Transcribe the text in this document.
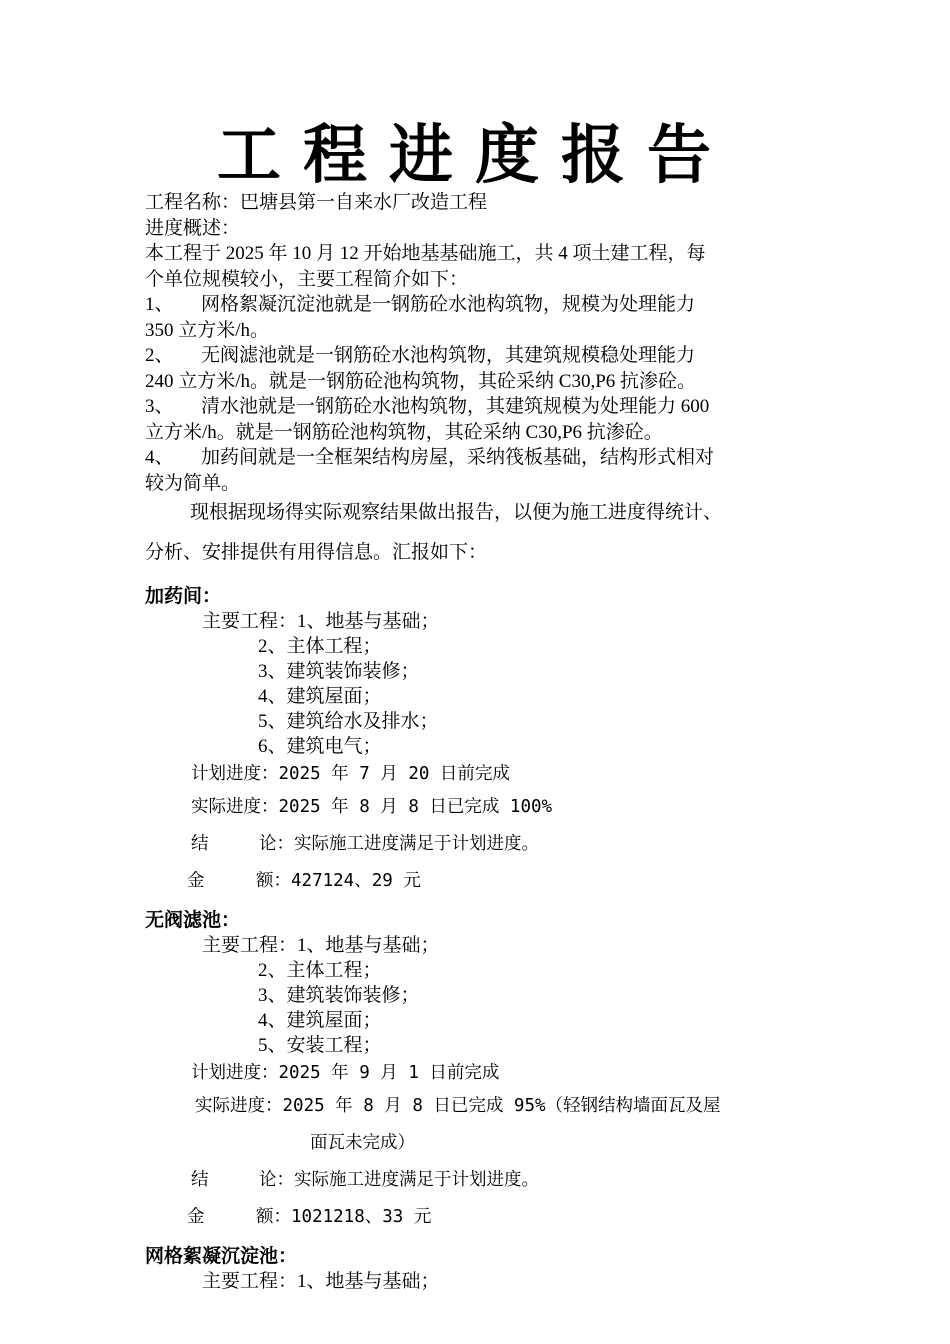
工程进度报告
工程名称：巴塘县第一自来水厂改造工程
进度概述：
本工程于 2025 年 10 月 12 开始地基基础施工，共 4 项土建工程，每
个单位规模较小，主要工程简介如下：
1、 网格絮凝沉淀池就是一钢筋砼水池构筑物，规模为处理能力
350 立方米/h。
2、 无阀滤池就是一钢筋砼水池构筑物，其建筑规模稳处理能力
240 立方米/h。就是一钢筋砼池构筑物，其砼采纳 C30,P6 抗渗砼。
3、 清水池就是一钢筋砼水池构筑物，其建筑规模为处理能力 600
立方米/h。就是一钢筋砼池构筑物，其砼采纳 C30,P6 抗渗砼。
4、 加药间就是一全框架结构房屋，采纳筏板基础，结构形式相对
较为简单。
现根据现场得实际观察结果做出报告，以便为施工进度得统计、
分析、安排提供有用得信息。汇报如下：
加药间：
主要工程：1、地基与基础；
2、主体工程；
3、建筑装饰装修；
4、建筑屋面；
5、建筑给水及排水；
6、建筑电气；
计划进度：2025 年 7 月 20 日前完成
实际进度：2025 年 8 月 8 日已完成 100%
结	论：实际施工进度满足于计划进度。
金	额：427124、29 元
无阀滤池：
主要工程：1、地基与基础；
2、主体工程；
3、建筑装饰装修；
4、建筑屋面；
5、安装工程；
计划进度：2025 年 9 月 1 日前完成
实际进度：2025 年 8 月 8 日已完成 95%（轻钢结构墙面瓦及屋
面瓦未完成）
结	论：实际施工进度满足于计划进度。
金	额：1021218、33 元
网格絮凝沉淀池：
主要工程：1、地基与基础；
